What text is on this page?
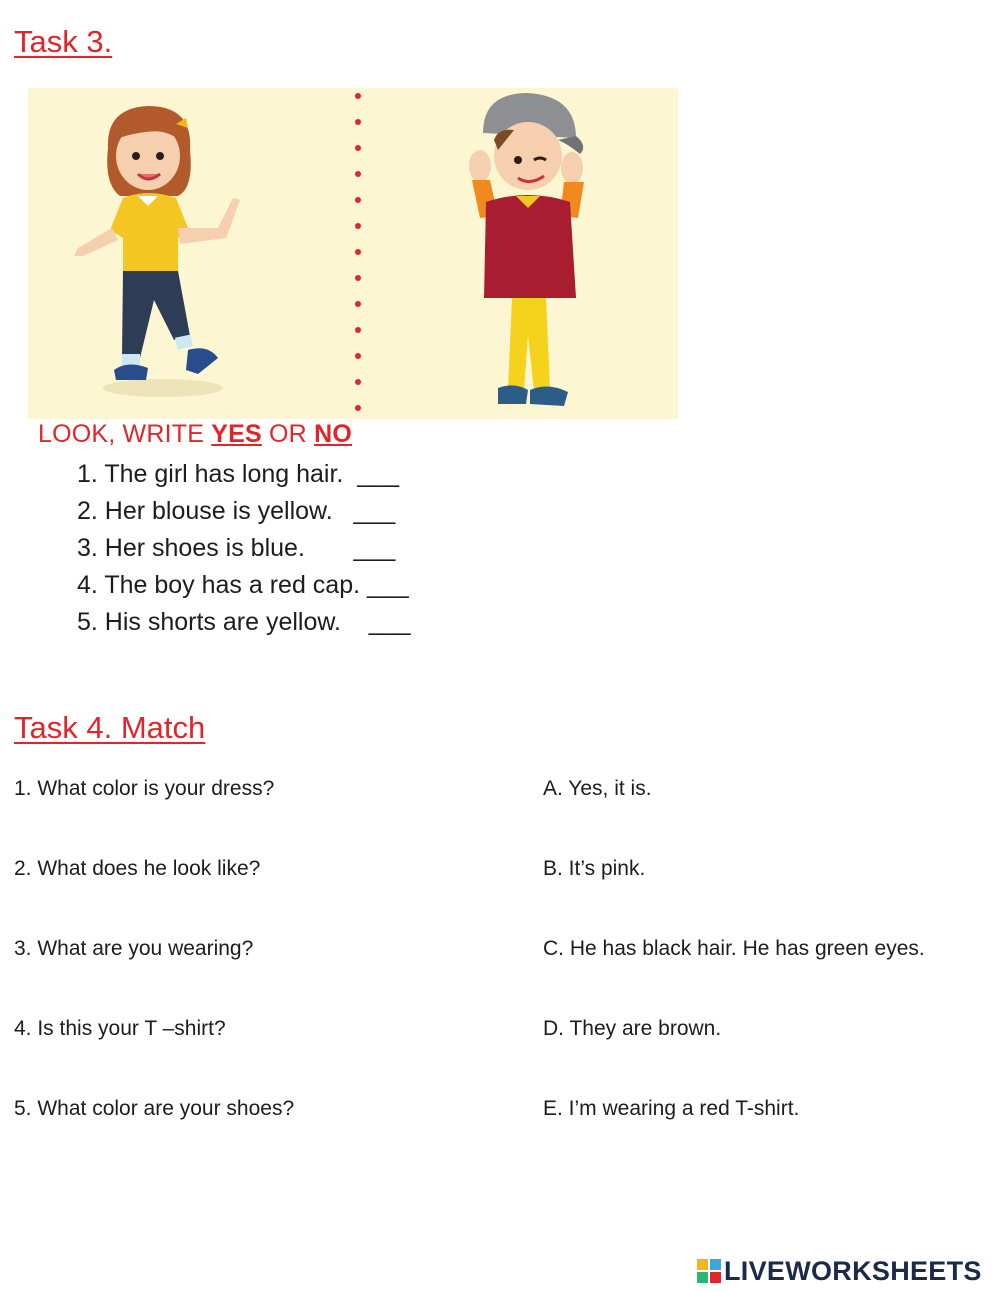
Task 3.
LOOK, WRITE YES OR NO
1. The girl has long hair.  ___
2. Her blouse is yellow.   ___
3. Her shoes is blue.       ___
4. The boy has a red cap. ___
5. His shorts are yellow.    ___
Task 4. Match
1. What color is your dress?
2. What does he look like?
3. What are you wearing?
4. Is this your T –shirt?
5. What color are your shoes?
A. Yes, it is.
B. It’s pink.
C. He has black hair. He has green eyes.
D. They are brown.
E. I’m wearing a red T-shirt.
LIVEWORKSHEETS
